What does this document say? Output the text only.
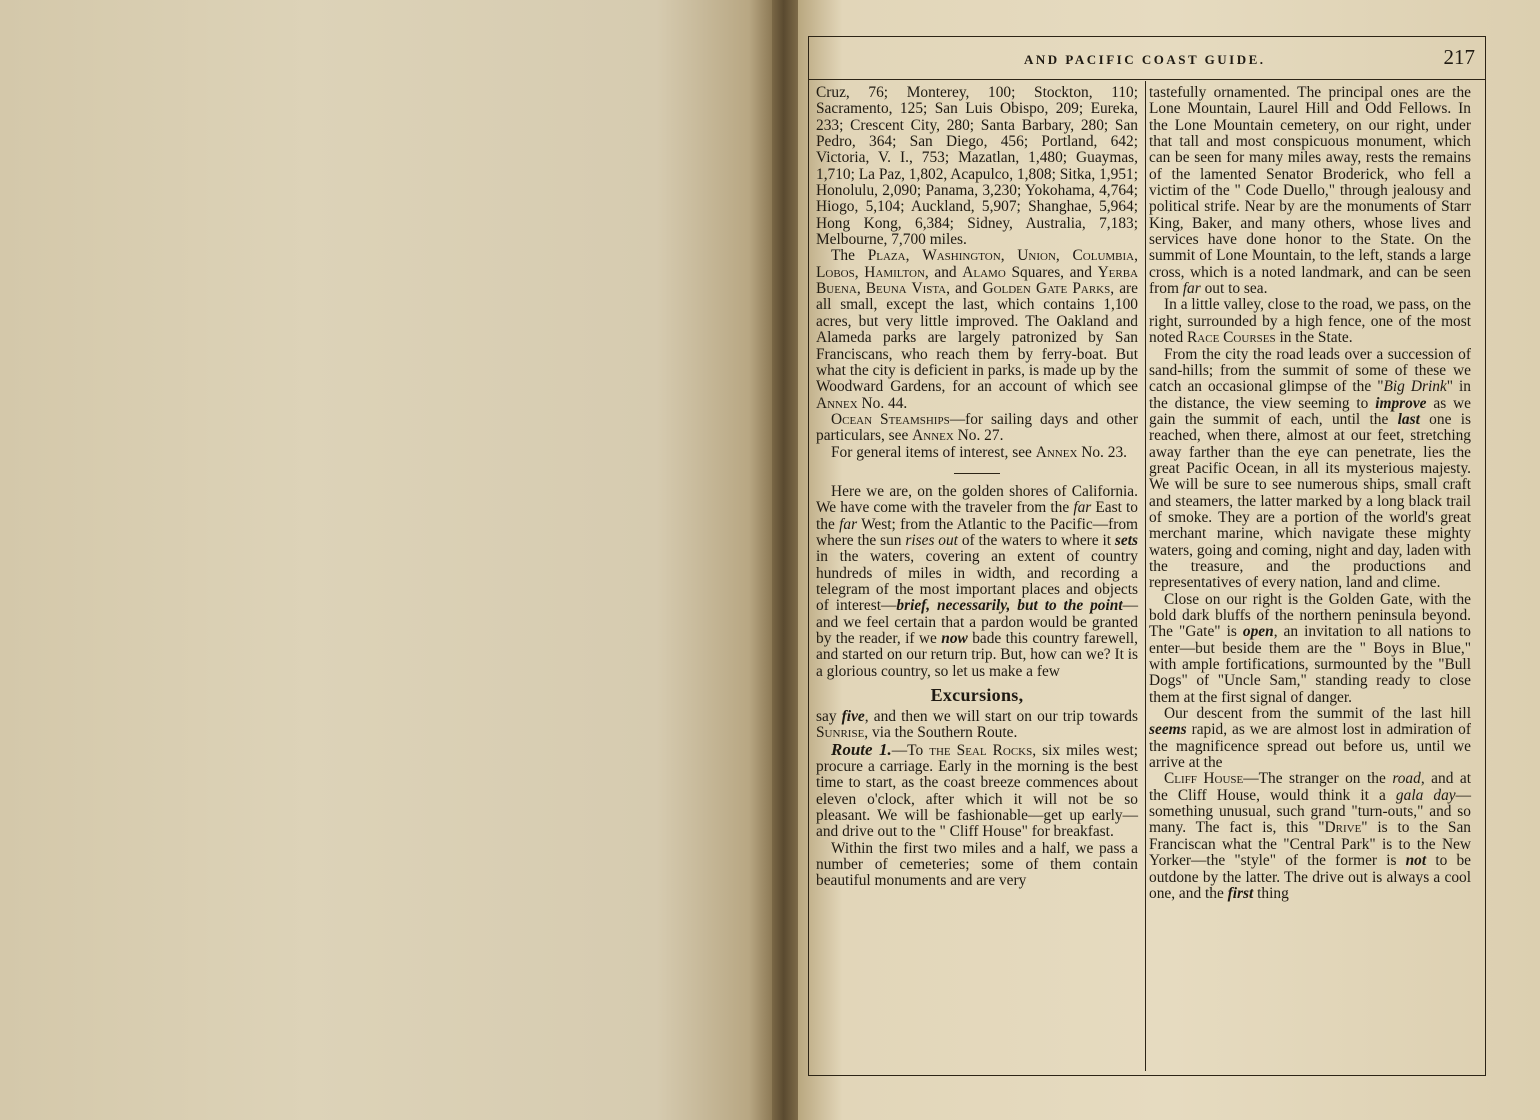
AND PACIFIC COAST GUIDE.	217

Cruz, 76; Monterey, 100; Stockton, 110; Sacramento, 125; San Luis Obispo, 209; Eureka, 233; Crescent City, 280; Santa Barbary, 280; San Pedro, 364; San Diego, 456; Portland, 642; Victoria, V. I., 753; Mazatlan, 1,480; Guaymas, 1,710; La Paz, 1,802, Acapulco, 1,808; Sitka, 1,951; Honolulu, 2,090; Panama, 3,230; Yokohama, 4,764; Hiogo, 5,104; Auckland, 5,907; Shanghae, 5,964; Hong Kong, 6,384; Sidney, Australia, 7,183; Melbourne, 7,700 miles.

The Plaza, Washington, Union, Columbia, Lobos, Hamilton, and Alamo Squares, and Yerba Buena, Beuna Vista, and Golden Gate Parks, are all small, except the last, which contains 1,100 acres, but very little improved. The Oakland and Alameda parks are largely patronized by San Franciscans, who reach them by ferry-boat. But what the city is deficient in parks, is made up by the Woodward Gardens, for an account of which see Annex No. 44.

Ocean Steamships—for sailing days and other particulars, see Annex No. 27.

For general items of interest, see Annex No. 23.

Here we are, on the golden shores of California. We have come with the traveler from the far East to the far West; from the Atlantic to the Pacific—from where the sun rises out of the waters to where it sets in the waters, covering an extent of country hundreds of miles in width, and recording a telegram of the most important places and objects of interest—brief, necessarily, but to the point—and we feel certain that a pardon would be granted by the reader, if we now bade this country farewell, and started on our return trip. But, how can we? It is a glorious country, so let us make a few

Excursions,

say five, and then we will start on our trip towards Sunrise, via the Southern Route.

Route 1.—To the Seal Rocks, six miles west; procure a carriage. Early in the morning is the best time to start, as the coast breeze commences about eleven o'clock, after which it will not be so pleasant. We will be fashionable—get up early—and drive out to the " Cliff House" for breakfast.

Within the first two miles and a half, we pass a number of cemeteries; some of them contain beautiful monuments and are very

tastefully ornamented. The principal ones are the Lone Mountain, Laurel Hill and Odd Fellows. In the Lone Mountain cemetery, on our right, under that tall and most conspicuous monument, which can be seen for many miles away, rests the remains of the lamented Senator Broderick, who fell a victim of the " Code Duello," through jealousy and political strife. Near by are the monuments of Starr King, Baker, and many others, whose lives and services have done honor to the State. On the summit of Lone Mountain, to the left, stands a large cross, which is a noted landmark, and can be seen from far out to sea.

In a little valley, close to the road, we pass, on the right, surrounded by a high fence, one of the most noted Race Courses in the State.

From the city the road leads over a succession of sand-hills; from the summit of some of these we catch an occasional glimpse of the "Big Drink" in the distance, the view seeming to improve as we gain the summit of each, until the last one is reached, when there, almost at our feet, stretching away farther than the eye can penetrate, lies the great Pacific Ocean, in all its mysterious majesty. We will be sure to see numerous ships, small craft and steamers, the latter marked by a long black trail of smoke. They are a portion of the world's great merchant marine, which navigate these mighty waters, going and coming, night and day, laden with the treasure, and the productions and representatives of every nation, land and clime.

Close on our right is the Golden Gate, with the bold dark bluffs of the northern peninsula beyond. The "Gate" is open, an invitation to all nations to enter—but beside them are the " Boys in Blue," with ample fortifications, surmounted by the "Bull Dogs" of "Uncle Sam," standing ready to close them at the first signal of danger.

Our descent from the summit of the last hill seems rapid, as we are almost lost in admiration of the magnificence spread out before us, until we arrive at the

Cliff House—The stranger on the road, and at the Cliff House, would think it a gala day—something unusual, such grand "turn-outs," and so many. The fact is, this "Drive" is to the San Franciscan what the "Central Park" is to the New Yorker—the "style" of the former is not to be outdone by the latter. The drive out is always a cool one, and the first thing
